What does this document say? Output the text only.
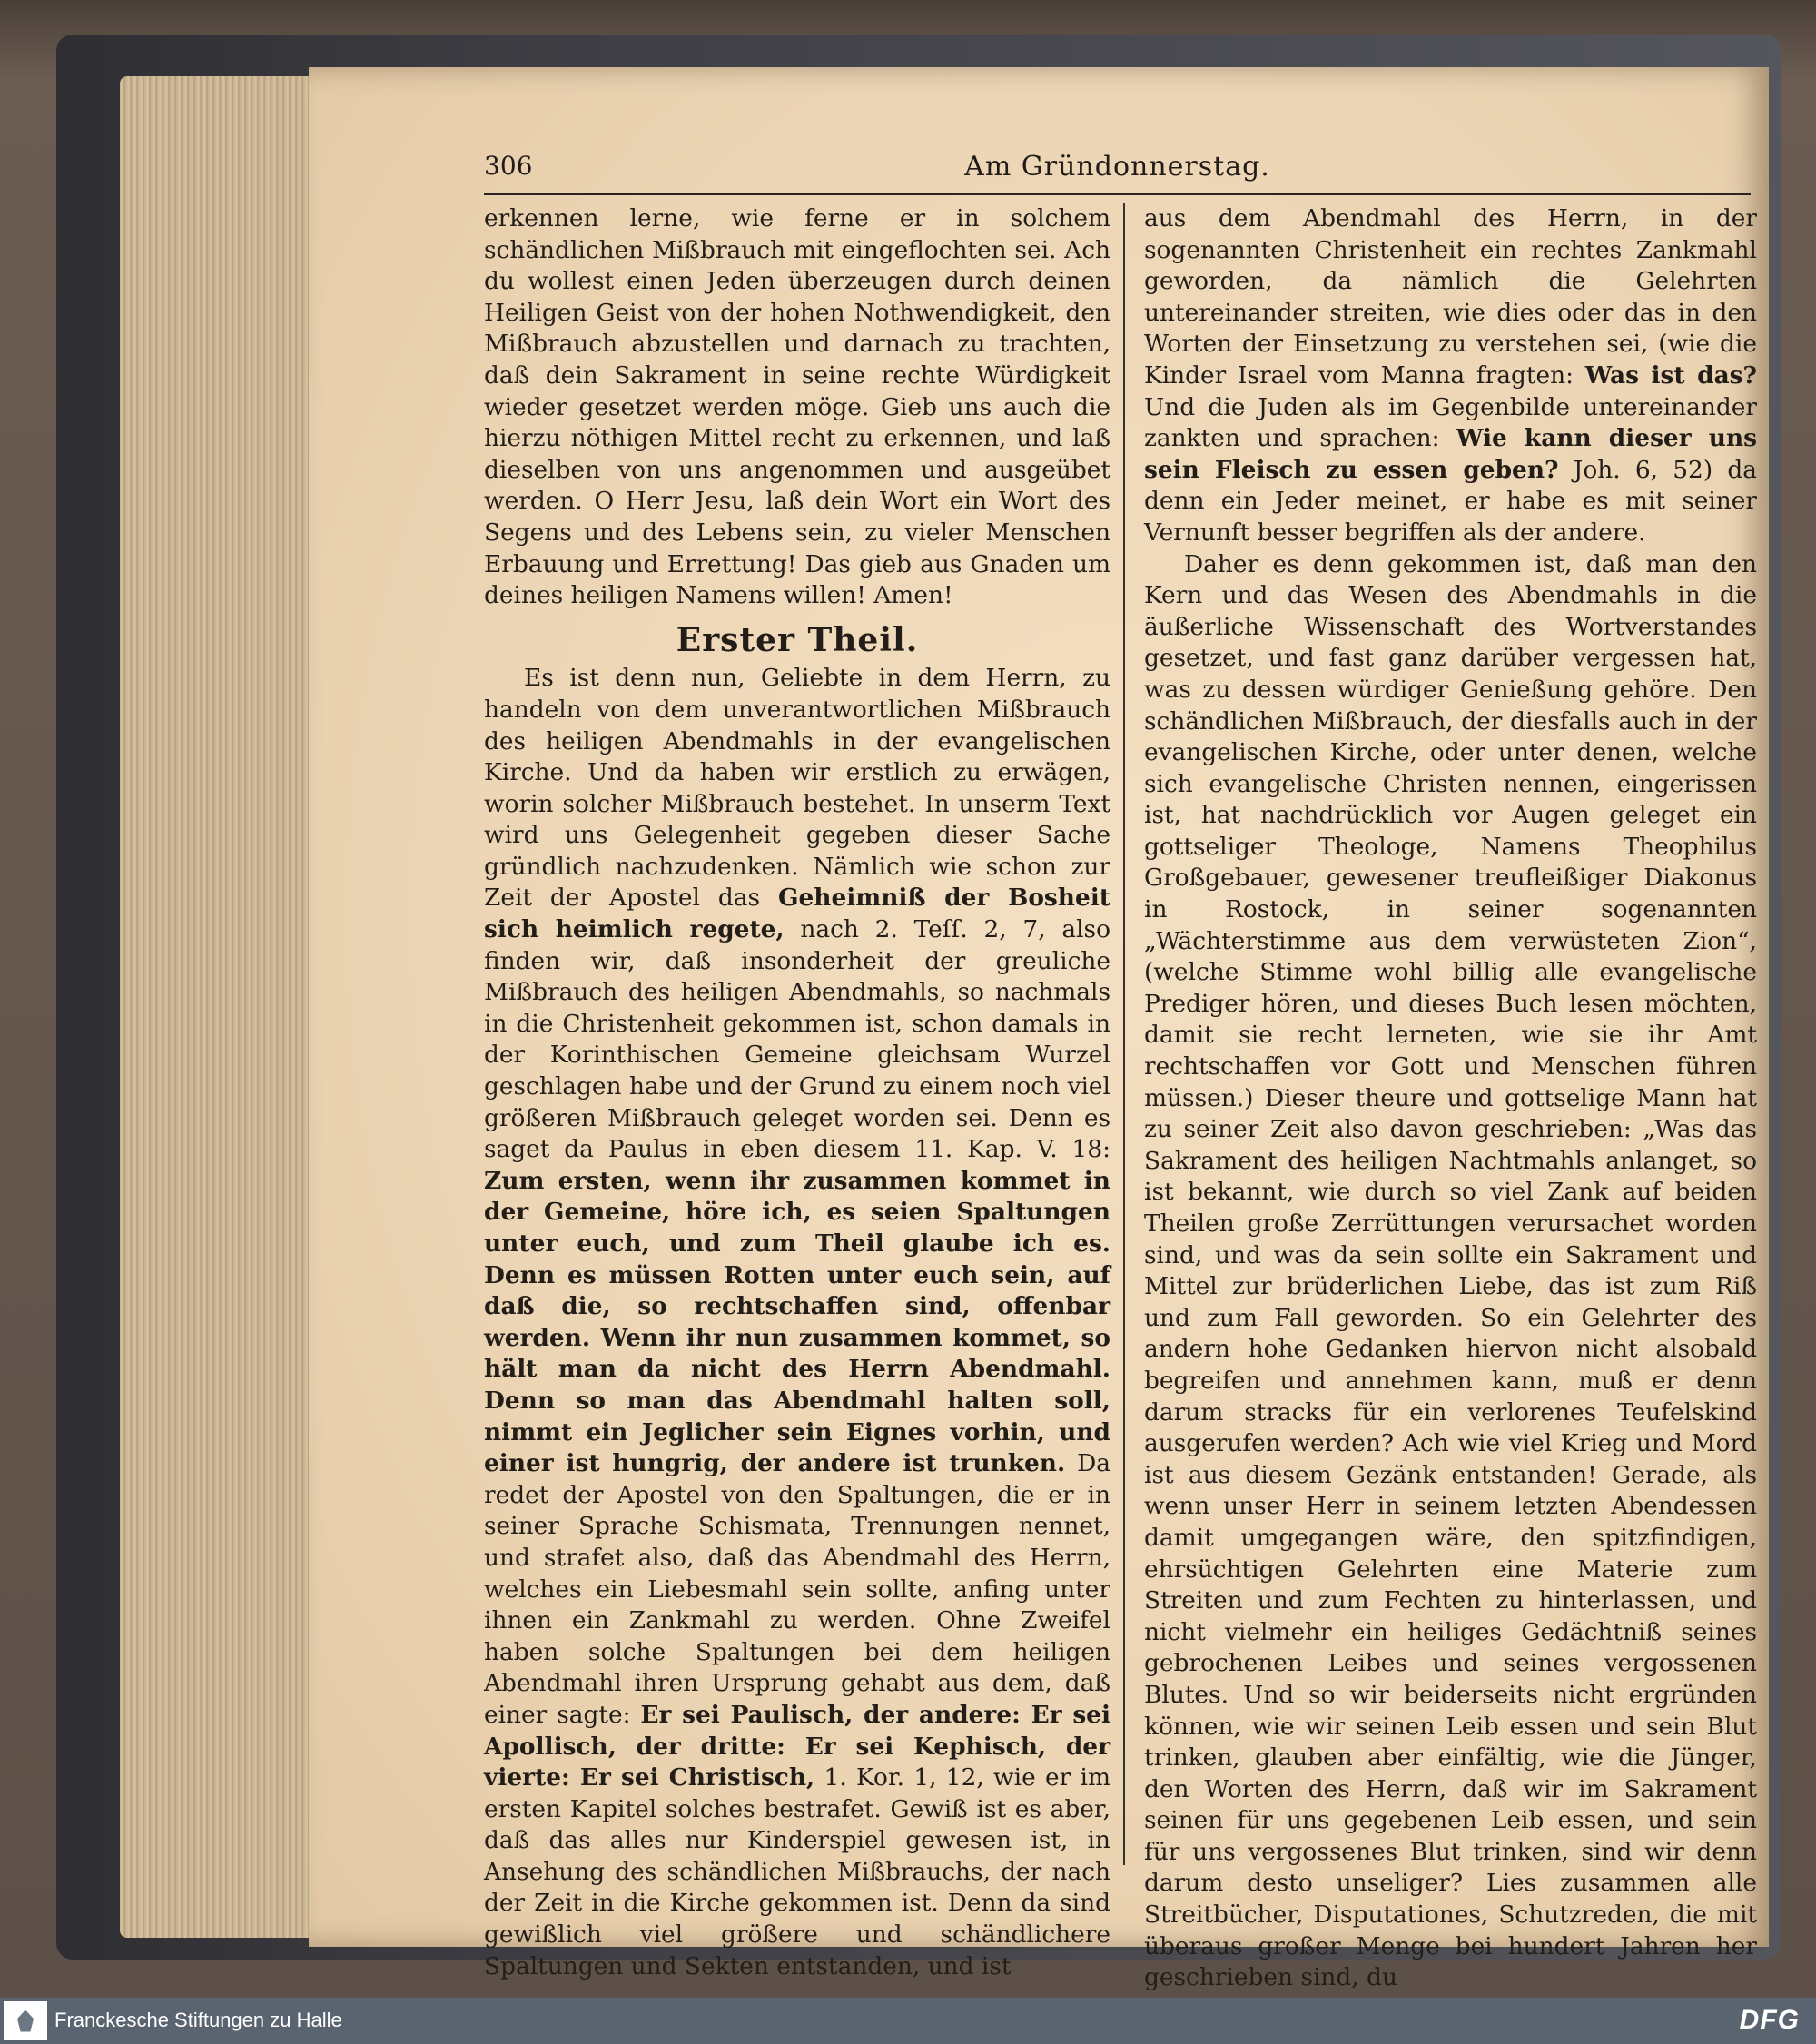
306	Am Gründonnerstag.

erkennen lerne, wie ferne er in solchem schändlichen Mißbrauch mit eingeflochten sei. Ach du wollest einen Jeden überzeugen durch deinen Heiligen Geist von der hohen Nothwendigkeit, den Mißbrauch abzustellen und darnach zu trachten, daß dein Sakrament in seine rechte Würdigkeit wieder gesetzet werden möge. Gieb uns auch die hierzu nöthigen Mittel recht zu erkennen, und laß dieselben von uns angenommen und ausgeübet werden. O Herr Jesu, laß dein Wort ein Wort des Segens und des Lebens sein, zu vieler Menschen Erbauung und Errettung! Das gieb aus Gnaden um deines heiligen Namens willen! Amen!

Erster Theil.

Es ist denn nun, Geliebte in dem Herrn, zu handeln von dem unverantwortlichen Mißbrauch des heiligen Abendmahls in der evangelischen Kirche. Und da haben wir erstlich zu erwägen, worin solcher Mißbrauch bestehet. In unserm Text wird uns Gelegenheit gegeben dieser Sache gründlich nachzudenken. Nämlich wie schon zur Zeit der Apostel das Geheimniß der Bosheit sich heimlich regete, nach 2. Teſſ. 2, 7, also finden wir, daß insonderheit der greuliche Mißbrauch des heiligen Abendmahls, so nachmals in die Christenheit gekommen ist, schon damals in der Korinthischen Gemeine gleichsam Wurzel geschlagen habe und der Grund zu einem noch viel größeren Mißbrauch geleget worden sei. Denn es saget da Paulus in eben diesem 11. Kap. V. 18: Zum ersten, wenn ihr zusammen kommet in der Gemeine, höre ich, es seien Spaltungen unter euch, und zum Theil glaube ich es. Denn es müssen Rotten unter euch sein, auf daß die, so rechtschaffen sind, offenbar werden. Wenn ihr nun zusammen kommet, so hält man da nicht des Herrn Abendmahl. Denn so man das Abendmahl halten soll, nimmt ein Jeglicher sein Eignes vorhin, und einer ist hungrig, der andere ist trunken. Da redet der Apostel von den Spaltungen, die er in seiner Sprache Schismata, Trennungen nennet, und strafet also, daß das Abendmahl des Herrn, welches ein Liebesmahl sein sollte, anfing unter ihnen ein Zankmahl zu werden. Ohne Zweifel haben solche Spaltungen bei dem heiligen Abendmahl ihren Ursprung gehabt aus dem, daß einer sagte: Er sei Paulisch, der andere: Er sei Apollisch, der dritte: Er sei Kephisch, der vierte: Er sei Christisch, 1. Kor. 1, 12, wie er im ersten Kapitel solches bestrafet. Gewiß ist es aber, daß das alles nur Kinderspiel gewesen ist, in Ansehung des schändlichen Mißbrauchs, der nach der Zeit in die Kirche gekommen ist. Denn da sind gewißlich viel größere und schändlichere Spaltungen und Sekten entstanden, und ist

aus dem Abendmahl des Herrn, in der sogenannten Christenheit ein rechtes Zankmahl geworden, da nämlich die Gelehrten untereinander streiten, wie dies oder das in den Worten der Einsetzung zu verstehen sei, (wie die Kinder Israel vom Manna fragten: Was ist das? Und die Juden als im Gegenbilde untereinander zankten und sprachen: Wie kann dieser uns sein Fleisch zu essen geben? Joh. 6, 52) da denn ein Jeder meinet, er habe es mit seiner Vernunft besser begriffen als der andere.

Daher es denn gekommen ist, daß man den Kern und das Wesen des Abendmahls in die äußerliche Wissenschaft des Wortverstandes gesetzet, und fast ganz darüber vergessen hat, was zu dessen würdiger Genießung gehöre. Den schändlichen Mißbrauch, der diesfalls auch in der evangelischen Kirche, oder unter denen, welche sich evangelische Christen nennen, eingerissen ist, hat nachdrücklich vor Augen geleget ein gottseliger Theologe, Namens Theophilus Großgebauer, gewesener treufleißiger Diakonus in Rostock, in seiner sogenannten „Wächterstimme aus dem verwüsteten Zion“, (welche Stimme wohl billig alle evangelische Prediger hören, und dieses Buch lesen möchten, damit sie recht lerneten, wie sie ihr Amt rechtschaffen vor Gott und Menschen führen müssen.) Dieser theure und gottselige Mann hat zu seiner Zeit also davon geschrieben: „Was das Sakrament des heiligen Nachtmahls anlanget, so ist bekannt, wie durch so viel Zank auf beiden Theilen große Zerrüttungen verursachet worden sind, und was da sein sollte ein Sakrament und Mittel zur brüderlichen Liebe, das ist zum Riß und zum Fall geworden. So ein Gelehrter des andern hohe Gedanken hiervon nicht alsobald begreifen und annehmen kann, muß er denn darum stracks für ein verlorenes Teufelskind ausgerufen werden? Ach wie viel Krieg und Mord ist aus diesem Gezänk entstanden! Gerade, als wenn unser Herr in seinem letzten Abendessen damit umgegangen wäre, den spitzfindigen, ehrsüchtigen Gelehrten eine Materie zum Streiten und zum Fechten zu hinterlassen, und nicht vielmehr ein heiliges Gedächtniß seines gebrochenen Leibes und seines vergossenen Blutes. Und so wir beiderseits nicht ergründen können, wie wir seinen Leib essen und sein Blut trinken, glauben aber einfältig, wie die Jünger, den Worten des Herrn, daß wir im Sakrament seinen für uns gegebenen Leib essen, und sein für uns vergossenes Blut trinken, sind wir denn darum desto unseliger? Lies zusammen alle Streitbücher, Disputationes, Schutzreden, die mit überaus großer Menge bei hundert Jahren her geschrieben sind, du

Franckesche Stiftungen zu Halle	DFG
